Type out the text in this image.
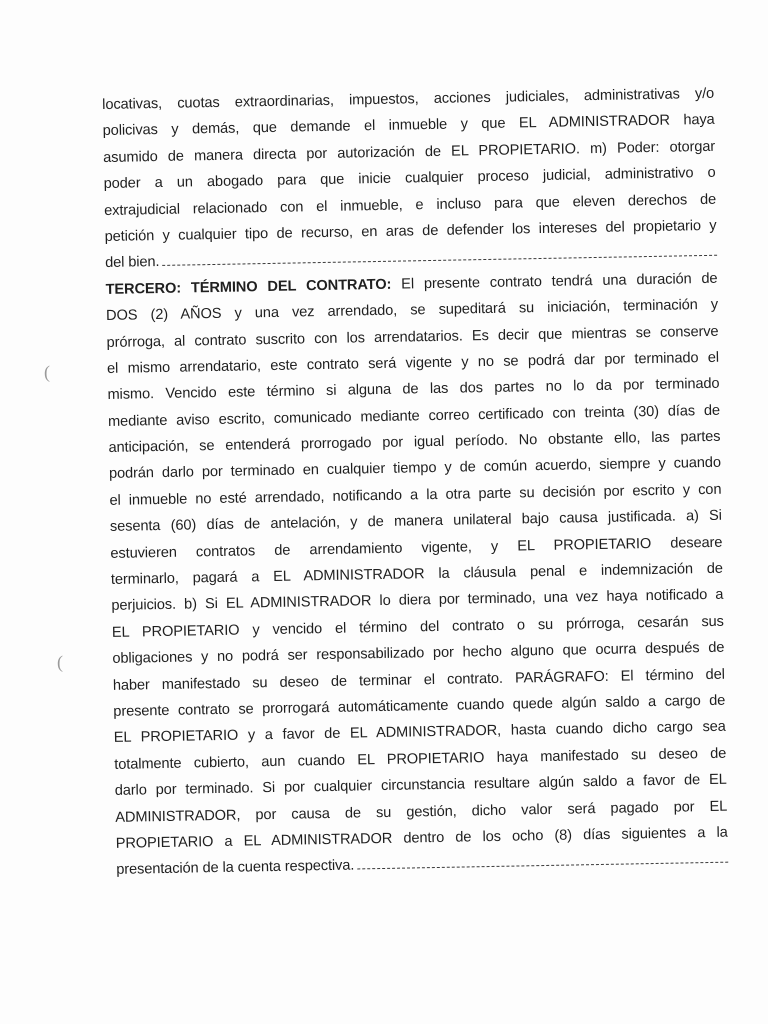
(
(
locativas, cuotas extraordinarias, impuestos, acciones judiciales, administrativas y/o
policivas y demás, que demande el inmueble y que EL ADMINISTRADOR haya
asumido de manera directa por autorización de EL PROPIETARIO. m) Poder: otorgar
poder a un abogado para que inicie cualquier proceso judicial, administrativo o
extrajudicial relacionado con el inmueble, e incluso para que eleven derechos de
petición y cualquier tipo de recurso, en aras de defender los intereses del propietario y
del bien.
TERCERO: TÉRMINO DEL CONTRATO: El presente contrato tendrá una duración de
DOS (2) AÑOS y una vez arrendado, se supeditará su iniciación, terminación y
prórroga, al contrato suscrito con los arrendatarios. Es decir que mientras se conserve
el mismo arrendatario, este contrato será vigente y no se podrá dar por terminado el
mismo. Vencido este término si alguna de las dos partes no lo da por terminado
mediante aviso escrito, comunicado mediante correo certificado con treinta (30) días de
anticipación, se entenderá prorrogado por igual período. No obstante ello, las partes
podrán darlo por terminado en cualquier tiempo y de común acuerdo, siempre y cuando
el inmueble no esté arrendado, notificando a la otra parte su decisión por escrito y con
sesenta (60) días de antelación, y de manera unilateral bajo causa justificada. a) Si
estuvieren contratos de arrendamiento vigente, y EL PROPIETARIO deseare
terminarlo, pagará a EL ADMINISTRADOR la cláusula penal e indemnización de
perjuicios. b) Si EL ADMINISTRADOR lo diera por terminado, una vez haya notificado a
EL PROPIETARIO y vencido el término del contrato o su prórroga, cesarán sus
obligaciones y no podrá ser responsabilizado por hecho alguno que ocurra después de
haber manifestado su deseo de terminar el contrato. PARÁGRAFO: El término del
presente contrato se prorrogará automáticamente cuando quede algún saldo a cargo de
EL PROPIETARIO y a favor de EL ADMINISTRADOR, hasta cuando dicho cargo sea
totalmente cubierto, aun cuando EL PROPIETARIO haya manifestado su deseo de
darlo por terminado. Si por cualquier circunstancia resultare algún saldo a favor de EL
ADMINISTRADOR, por causa de su gestión, dicho valor será pagado por EL
PROPIETARIO a EL ADMINISTRADOR dentro de los ocho (8) días siguientes a la
presentación de la cuenta respectiva.
